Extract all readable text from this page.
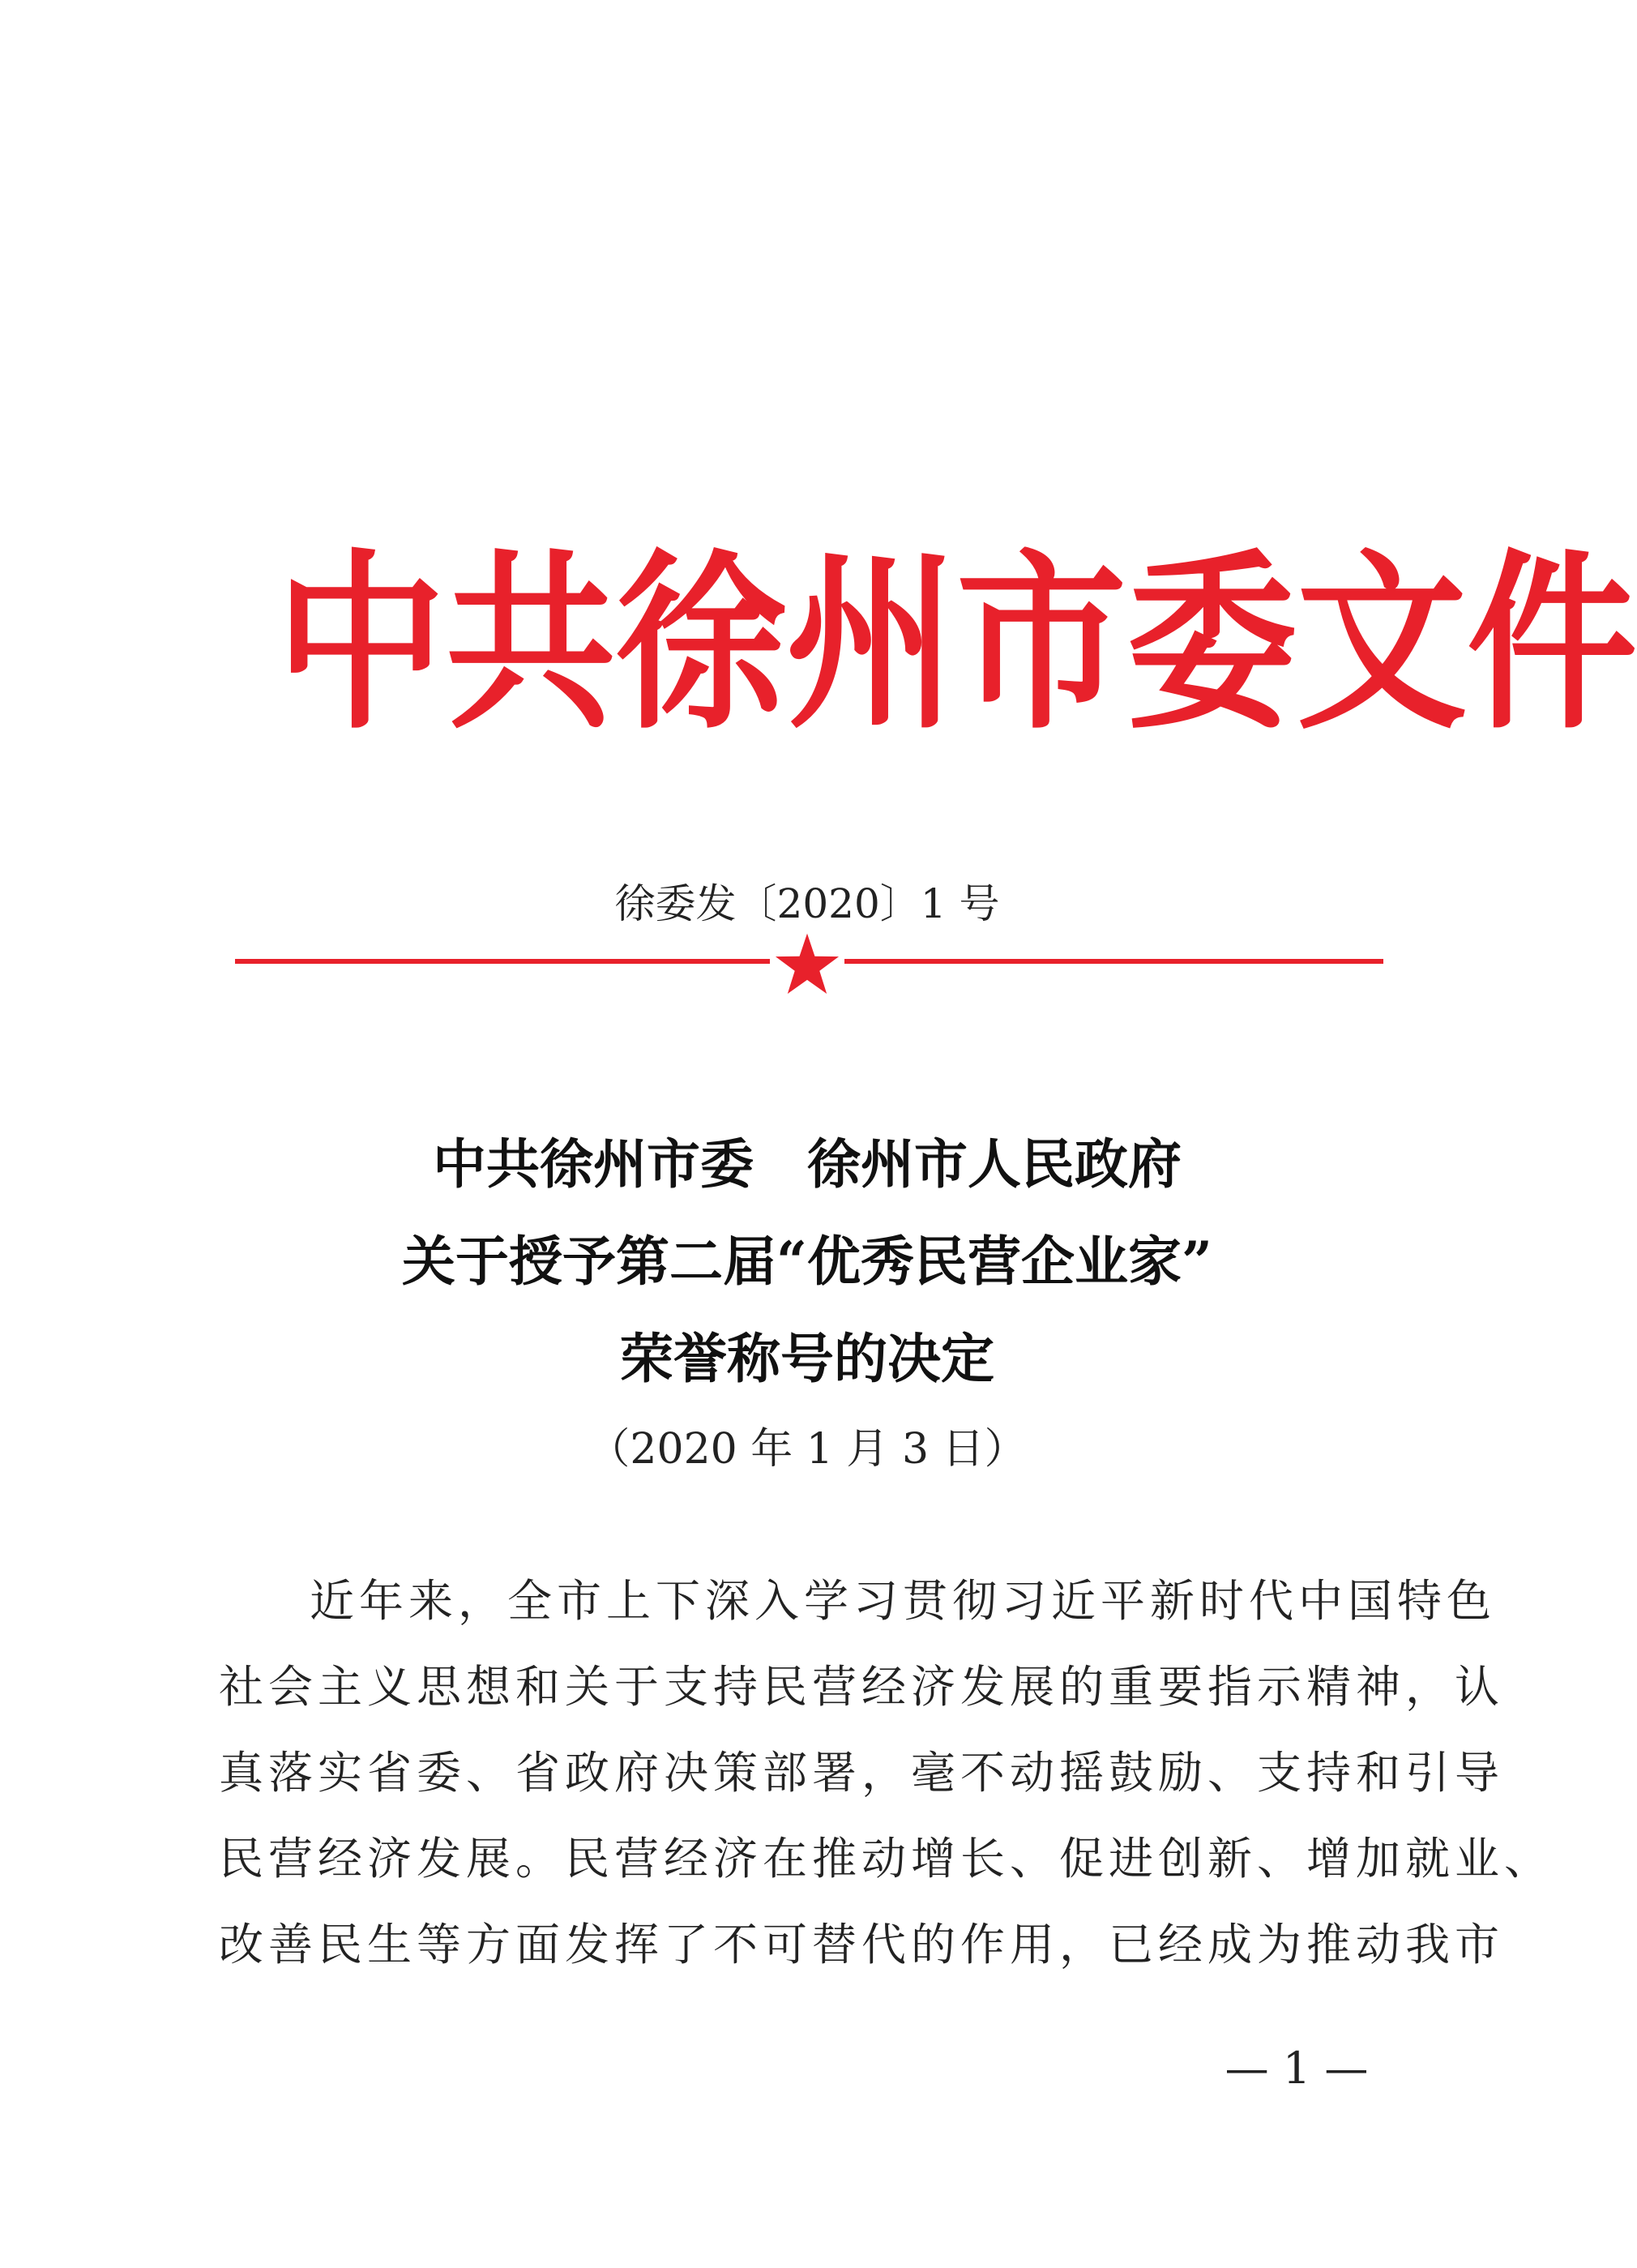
中 共 徐 州 市 委 文 件
徐委发〔2020〕1 号
中共徐州市委　徐州市人民政府
关于授予第二届“优秀民营企业家”
荣誉称号的决定
（2020 年 1 月 3 日）
近年来，全市上下深入学习贯彻习近平新时代中国特色
社会主义思想和关于支持民营经济发展的重要指示精神，认
真落实省委、省政府决策部署，毫不动摇鼓励、支持和引导
民营经济发展。民营经济在推动增长、促进创新、增加就业、
改善民生等方面发挥了不可替代的作用，已经成为推动我市
— 1 —
